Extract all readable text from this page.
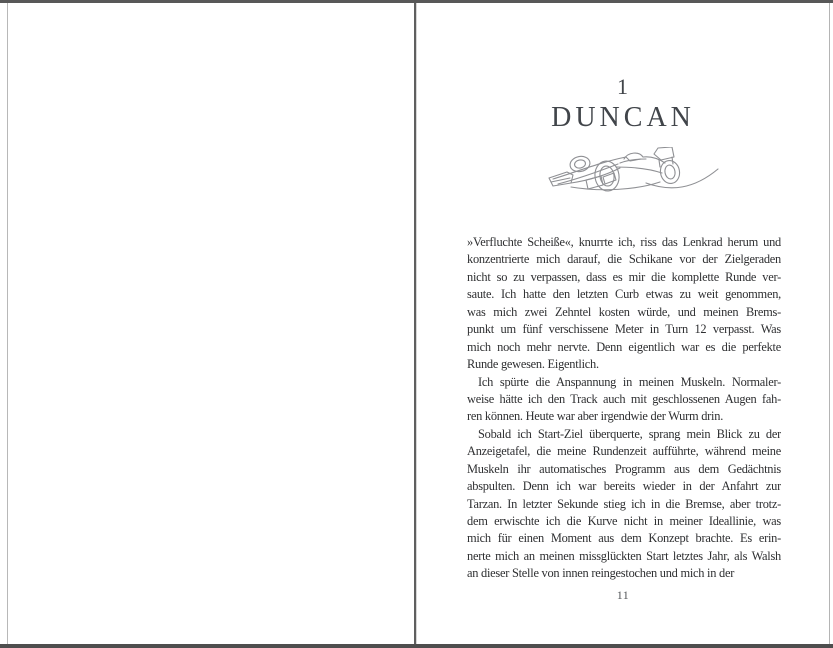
1
DUNCAN
»Verfluchte Scheiße«, knurrte ich, riss das Lenkrad herum und
konzentrierte mich darauf, die Schikane vor der Zielgeraden
nicht so zu verpassen, dass es mir die komplette Runde ver-
saute. Ich hatte den letzten Curb etwas zu weit genommen,
was mich zwei Zehntel kosten würde, und meinen Brems-
punkt um fünf verschissene Meter in Turn 12 verpasst. Was
mich noch mehr nervte. Denn eigentlich war es die perfekte
Runde gewesen. Eigentlich.
Ich spürte die Anspannung in meinen Muskeln. Normaler-
weise hätte ich den Track auch mit geschlossenen Augen fah-
ren können. Heute war aber irgendwie der Wurm drin.
Sobald ich Start-Ziel überquerte, sprang mein Blick zu der
Anzeigetafel, die meine Rundenzeit aufführte, während meine
Muskeln ihr automatisches Programm aus dem Gedächtnis
abspulten. Denn ich war bereits wieder in der Anfahrt zur
Tarzan. In letzter Sekunde stieg ich in die Bremse, aber trotz-
dem erwischte ich die Kurve nicht in meiner Ideallinie, was
mich für einen Moment aus dem Konzept brachte. Es erin-
nerte mich an meinen missglückten Start letztes Jahr, als Walsh
an dieser Stelle von innen reingestochen und mich in der
11
